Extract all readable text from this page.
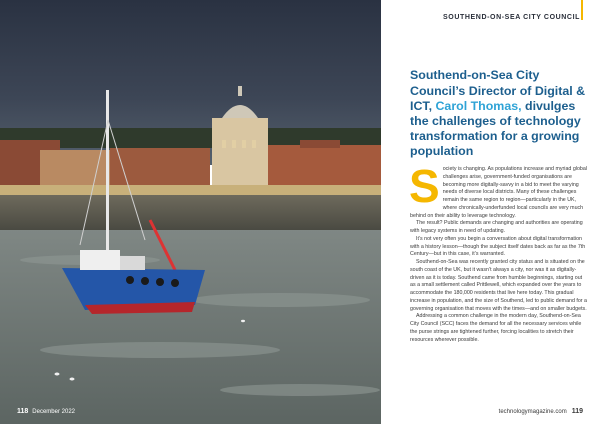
118 December 2022
SOUTHEND-ON-SEA CITY COUNCIL
Southend-on-Sea City Council’s Director of Digital & ICT, Carol Thomas, divulges the challenges of technology transformation for a growing population
S ociety is changing. As populations increase and myriad global challenges arise, government-funded organisations are becoming more digitally-savvy in a bid to meet the varying needs of diverse local districts. Many of these challenges remain the same region to region—particularly in the UK, where chronically-underfunded local councils are very much behind on their ability to leverage technology.

The result? Public demands are changing and authorities are operating with legacy systems in need of updating.

It’s not very often you begin a conversation about digital transformation with a history lesson—though the subject itself dates back as far as the 7th Century—but in this case, it’s warranted.

Southend-on-Sea was recently granted city status and is situated on the south coast of the UK, but it wasn’t always a city, nor was it as digitally-driven as it is today. Southend came from humble beginnings, starting out as a small settlement called Prittlewell, which expanded over the years to accommodate the 180,000 residents that live here today. This gradual increase in population, and the size of Southend, led to public demand for a governing organisation that moves with the times—and on smaller budgets.

Addressing a common challenge in the modern day, Southend-on-Sea City Council (SCC) faces the demand for all the necessary services while the purse strings are tightened further, forcing localities to stretch their resources wherever possible.

technologymagazine.com 119
